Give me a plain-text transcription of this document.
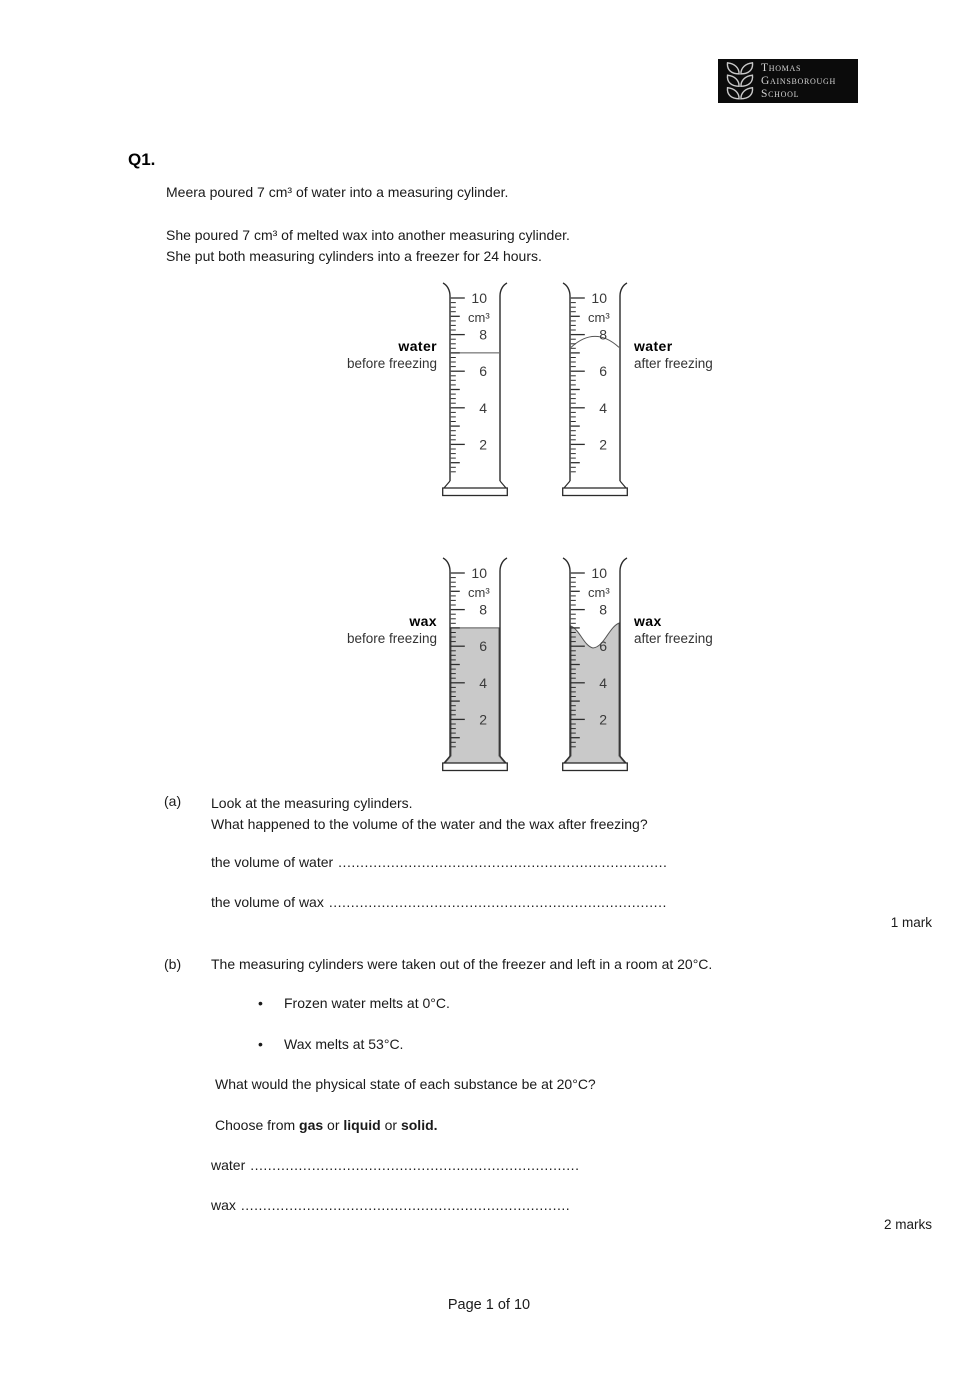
Thomas
Gainsborough
School
Q1.
Meera poured 7 cm³ of water into a measuring cylinder.
She poured 7 cm³ of melted wax into another measuring cylinder.
She put both measuring cylinders into a freezer for 24 hours.
water
before freezing
10
8
6
4
2
cm³
10
8
6
4
2
cm³
water
after freezing
wax
before freezing
10
8
6
4
2
cm³
10
8
6
4
2
cm³
wax
after freezing
(a) Look at the measuring cylinders.
What happened to the volume of the water and the wax after freezing?
the volume of water ...........................................................................
the volume of wax .............................................................................
1 mark
(b) The measuring cylinders were taken out of the freezer and left in a room at 20°C.
• Frozen water melts at 0°C.
• Wax melts at 53°C.
What would the physical state of each substance be at 20°C?
Choose from gas or liquid or solid.
water ...........................................................................
wax ...........................................................................
2 marks
Page 1 of 10
